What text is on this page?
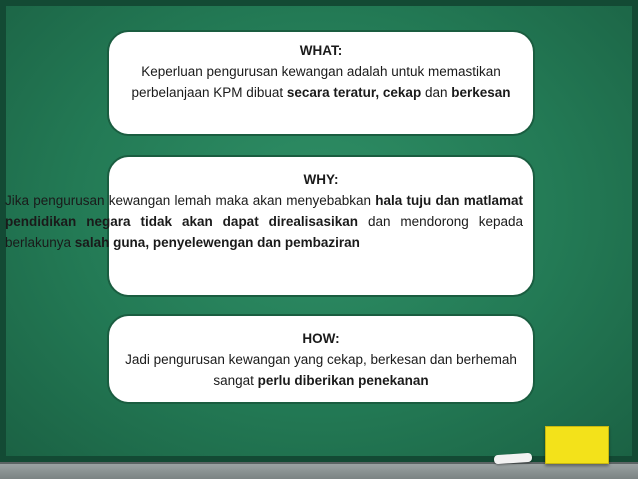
WHAT:
Keperluan pengurusan kewangan adalah untuk memastikan perbelanjaan KPM dibuat secara teratur, cekap dan berkesan
WHY:
Jika pengurusan kewangan lemah maka akan menyebabkan hala tuju dan matlamat pendidikan negara tidak akan dapat direalisasikan dan mendorong kepada berlakunya salah guna, penyelewengan dan pembaziran
HOW:
Jadi pengurusan kewangan yang cekap, berkesan dan berhemah sangat perlu diberikan penekanan
